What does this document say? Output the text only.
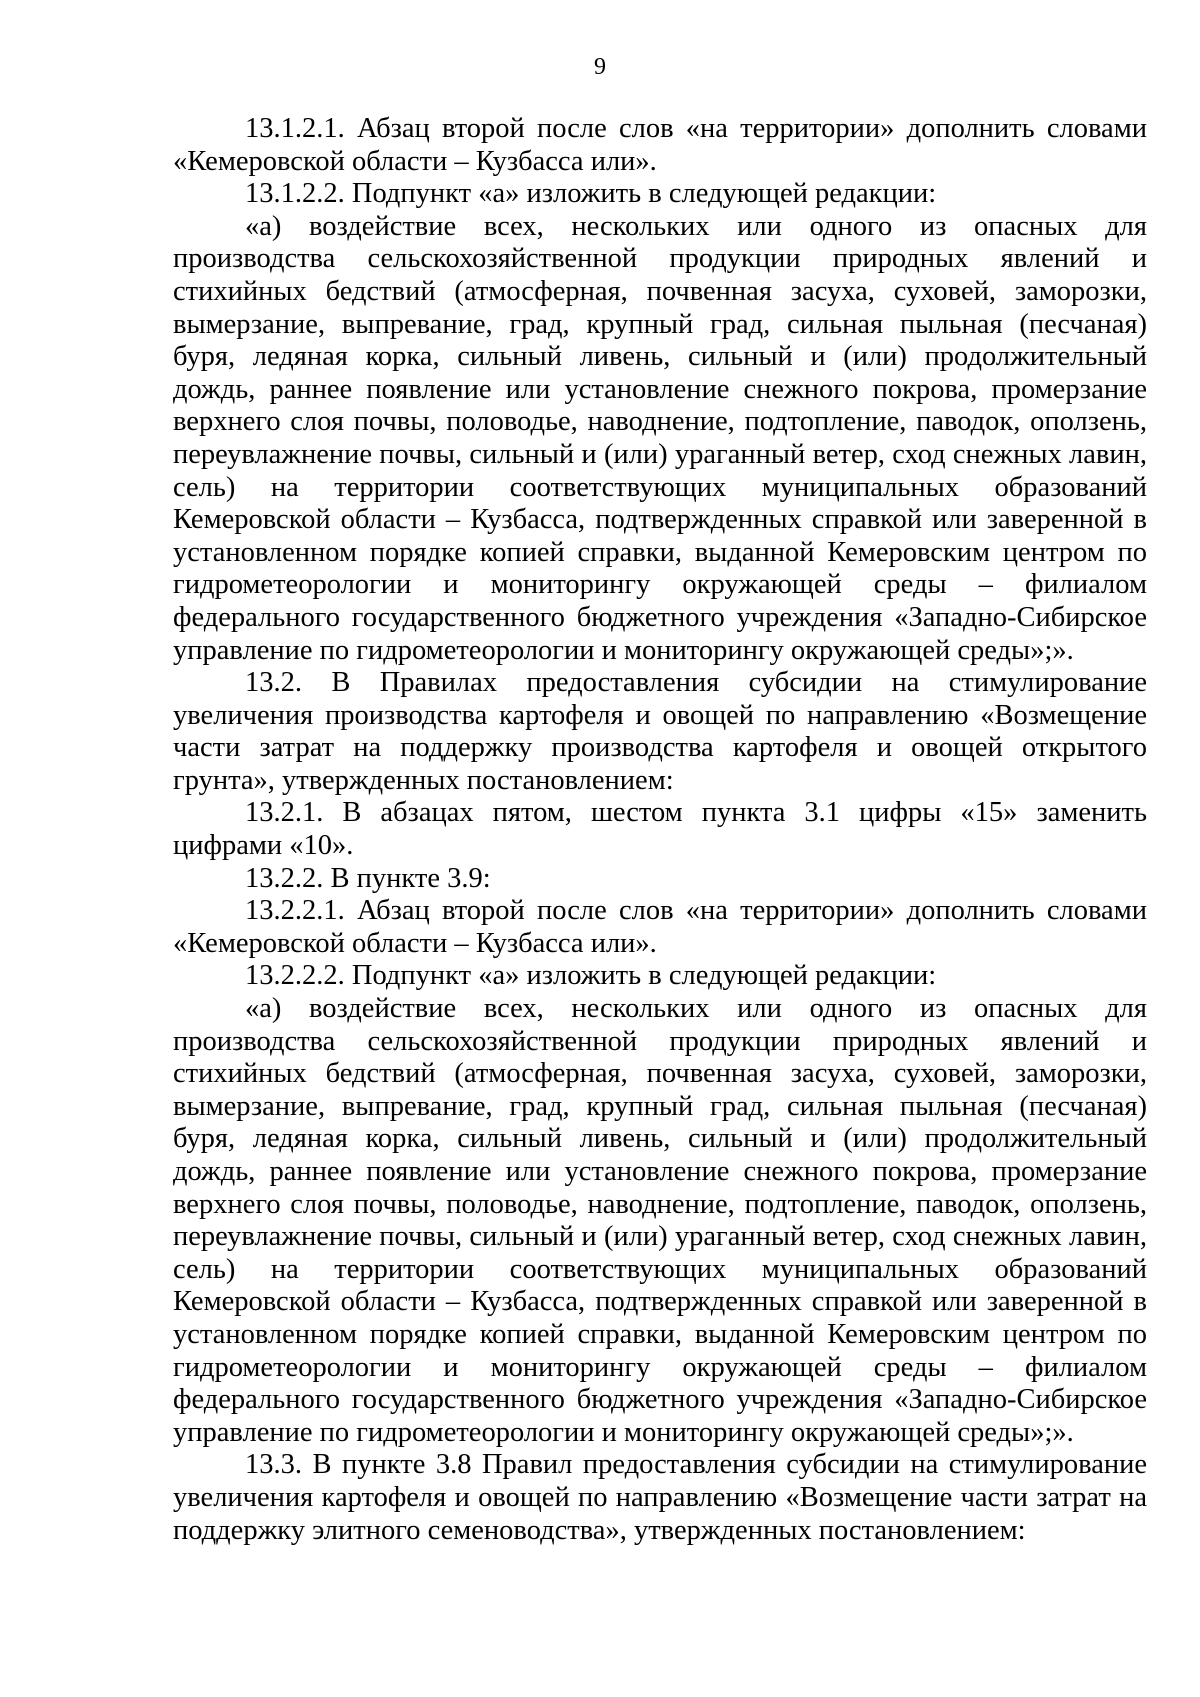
9

13.1.2.1. Абзац второй после слов «на территории» дополнить словами «Кемеровской области – Кузбасса или».

13.1.2.2. Подпункт «а» изложить в следующей редакции:

«а) воздействие всех, нескольких или одного из опасных для производства сельскохозяйственной продукции природных явлений и стихийных бедствий (атмосферная, почвенная засуха, суховей, заморозки, вымерзание, выпревание, град, крупный град, сильная пыльная (песчаная) буря, ледяная корка, сильный ливень, сильный и (или) продолжительный дождь, раннее появление или установление снежного покрова, промерзание верхнего слоя почвы, половодье, наводнение, подтопление, паводок, оползень, переувлажнение почвы, сильный и (или) ураганный ветер, сход снежных лавин, сель) на территории соответствующих муниципальных образований Кемеровской области – Кузбасса, подтвержденных справкой или заверенной в установленном порядке копией справки, выданной Кемеровским центром по гидрометеорологии и мониторингу окружающей среды – филиалом федерального государственного бюджетного учреждения «Западно-Сибирское управление по гидрометеорологии и мониторингу окружающей среды»;».

13.2. В Правилах предоставления субсидии на стимулирование увеличения производства картофеля и овощей по направлению «Возмещение части затрат на поддержку производства картофеля и овощей открытого грунта», утвержденных постановлением:

13.2.1. В абзацах пятом, шестом пункта 3.1 цифры «15» заменить цифрами «10».

13.2.2. В пункте 3.9:

13.2.2.1. Абзац второй после слов «на территории» дополнить словами «Кемеровской области – Кузбасса или».

13.2.2.2. Подпункт «а» изложить в следующей редакции:

«а) воздействие всех, нескольких или одного из опасных для производства сельскохозяйственной продукции природных явлений и стихийных бедствий (атмосферная, почвенная засуха, суховей, заморозки, вымерзание, выпревание, град, крупный град, сильная пыльная (песчаная) буря, ледяная корка, сильный ливень, сильный и (или) продолжительный дождь, раннее появление или установление снежного покрова, промерзание верхнего слоя почвы, половодье, наводнение, подтопление, паводок, оползень, переувлажнение почвы, сильный и (или) ураганный ветер, сход снежных лавин, сель) на территории соответствующих муниципальных образований Кемеровской области – Кузбасса, подтвержденных справкой или заверенной в установленном порядке копией справки, выданной Кемеровским центром по гидрометеорологии и мониторингу окружающей среды – филиалом федерального государственного бюджетного учреждения «Западно-Сибирское управление по гидрометеорологии и мониторингу окружающей среды»;».

13.3. В пункте 3.8 Правил предоставления субсидии на стимулирование увеличения картофеля и овощей по направлению «Возмещение части затрат на поддержку элитного семеноводства», утвержденных постановлением:
